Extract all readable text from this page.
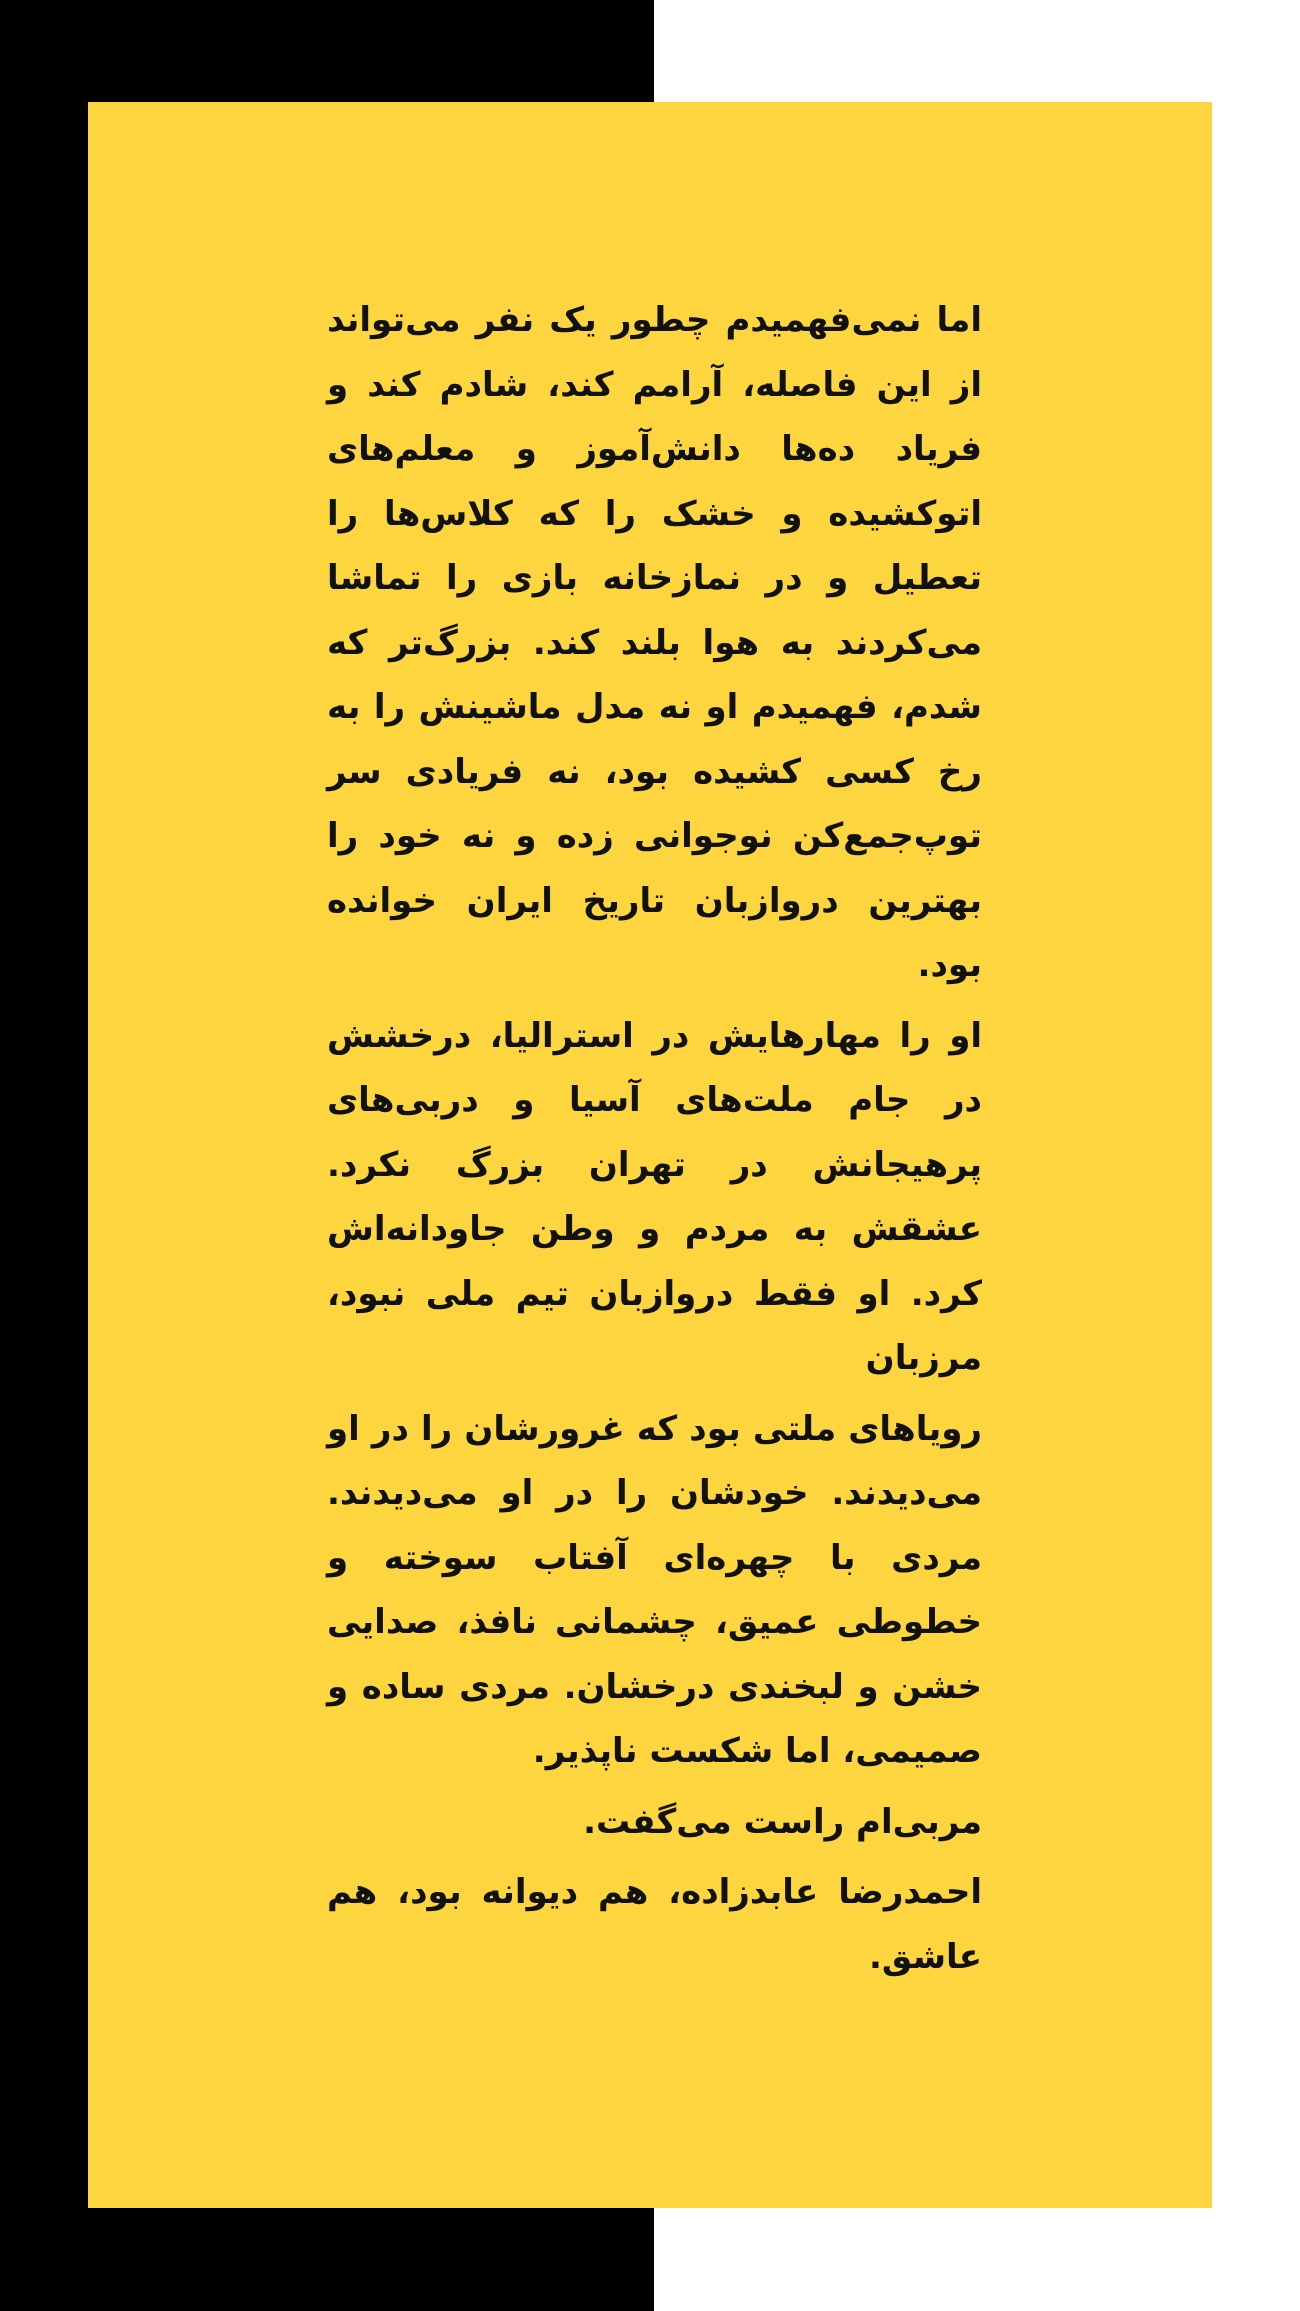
اما نمی‌فهمیدم چطور یک نفر می‌تواند از این فاصله، آرامم کند، شادم کند و فریاد ده‌ها دانش‌آموز و معلم‌های اتوکشیده و خشک را که کلاس‌ها را تعطیل و در نمازخانه بازی را تماشا می‌کردند به هوا بلند کند. بزرگ‌تر که شدم، فهمیدم او نه مدل ماشینش را به رخ کسی کشیده بود، نه فریادی سر توپ‌جمع‌کن نوجوانی زده و نه خود را بهترین دروازبان تاریخ ایران خوانده بود.

او را مهارهایش در استرالیا، درخشش در جام ملت‌های آسیا و دربی‌های پرهیجانش در تهران بزرگ نکرد. عشقش به مردم و وطن جاودانه‌اش کرد. او فقط دروازبان تیم ملی نبود، مرزبان

رویاهای ملتی بود که غرورشان را در او می‌دیدند. خودشان را در او می‌دیدند. مردی با چهره‌ای آفتاب سوخته و خطوطی عمیق، چشمانی نافذ، صدایی خشن و لبخندی درخشان. مردی ساده و صمیمی، اما شکست ناپذیر.

مربی‌ام راست می‌گفت.

احمدرضا عابدزاده، هم دیوانه بود، هم عاشق.
